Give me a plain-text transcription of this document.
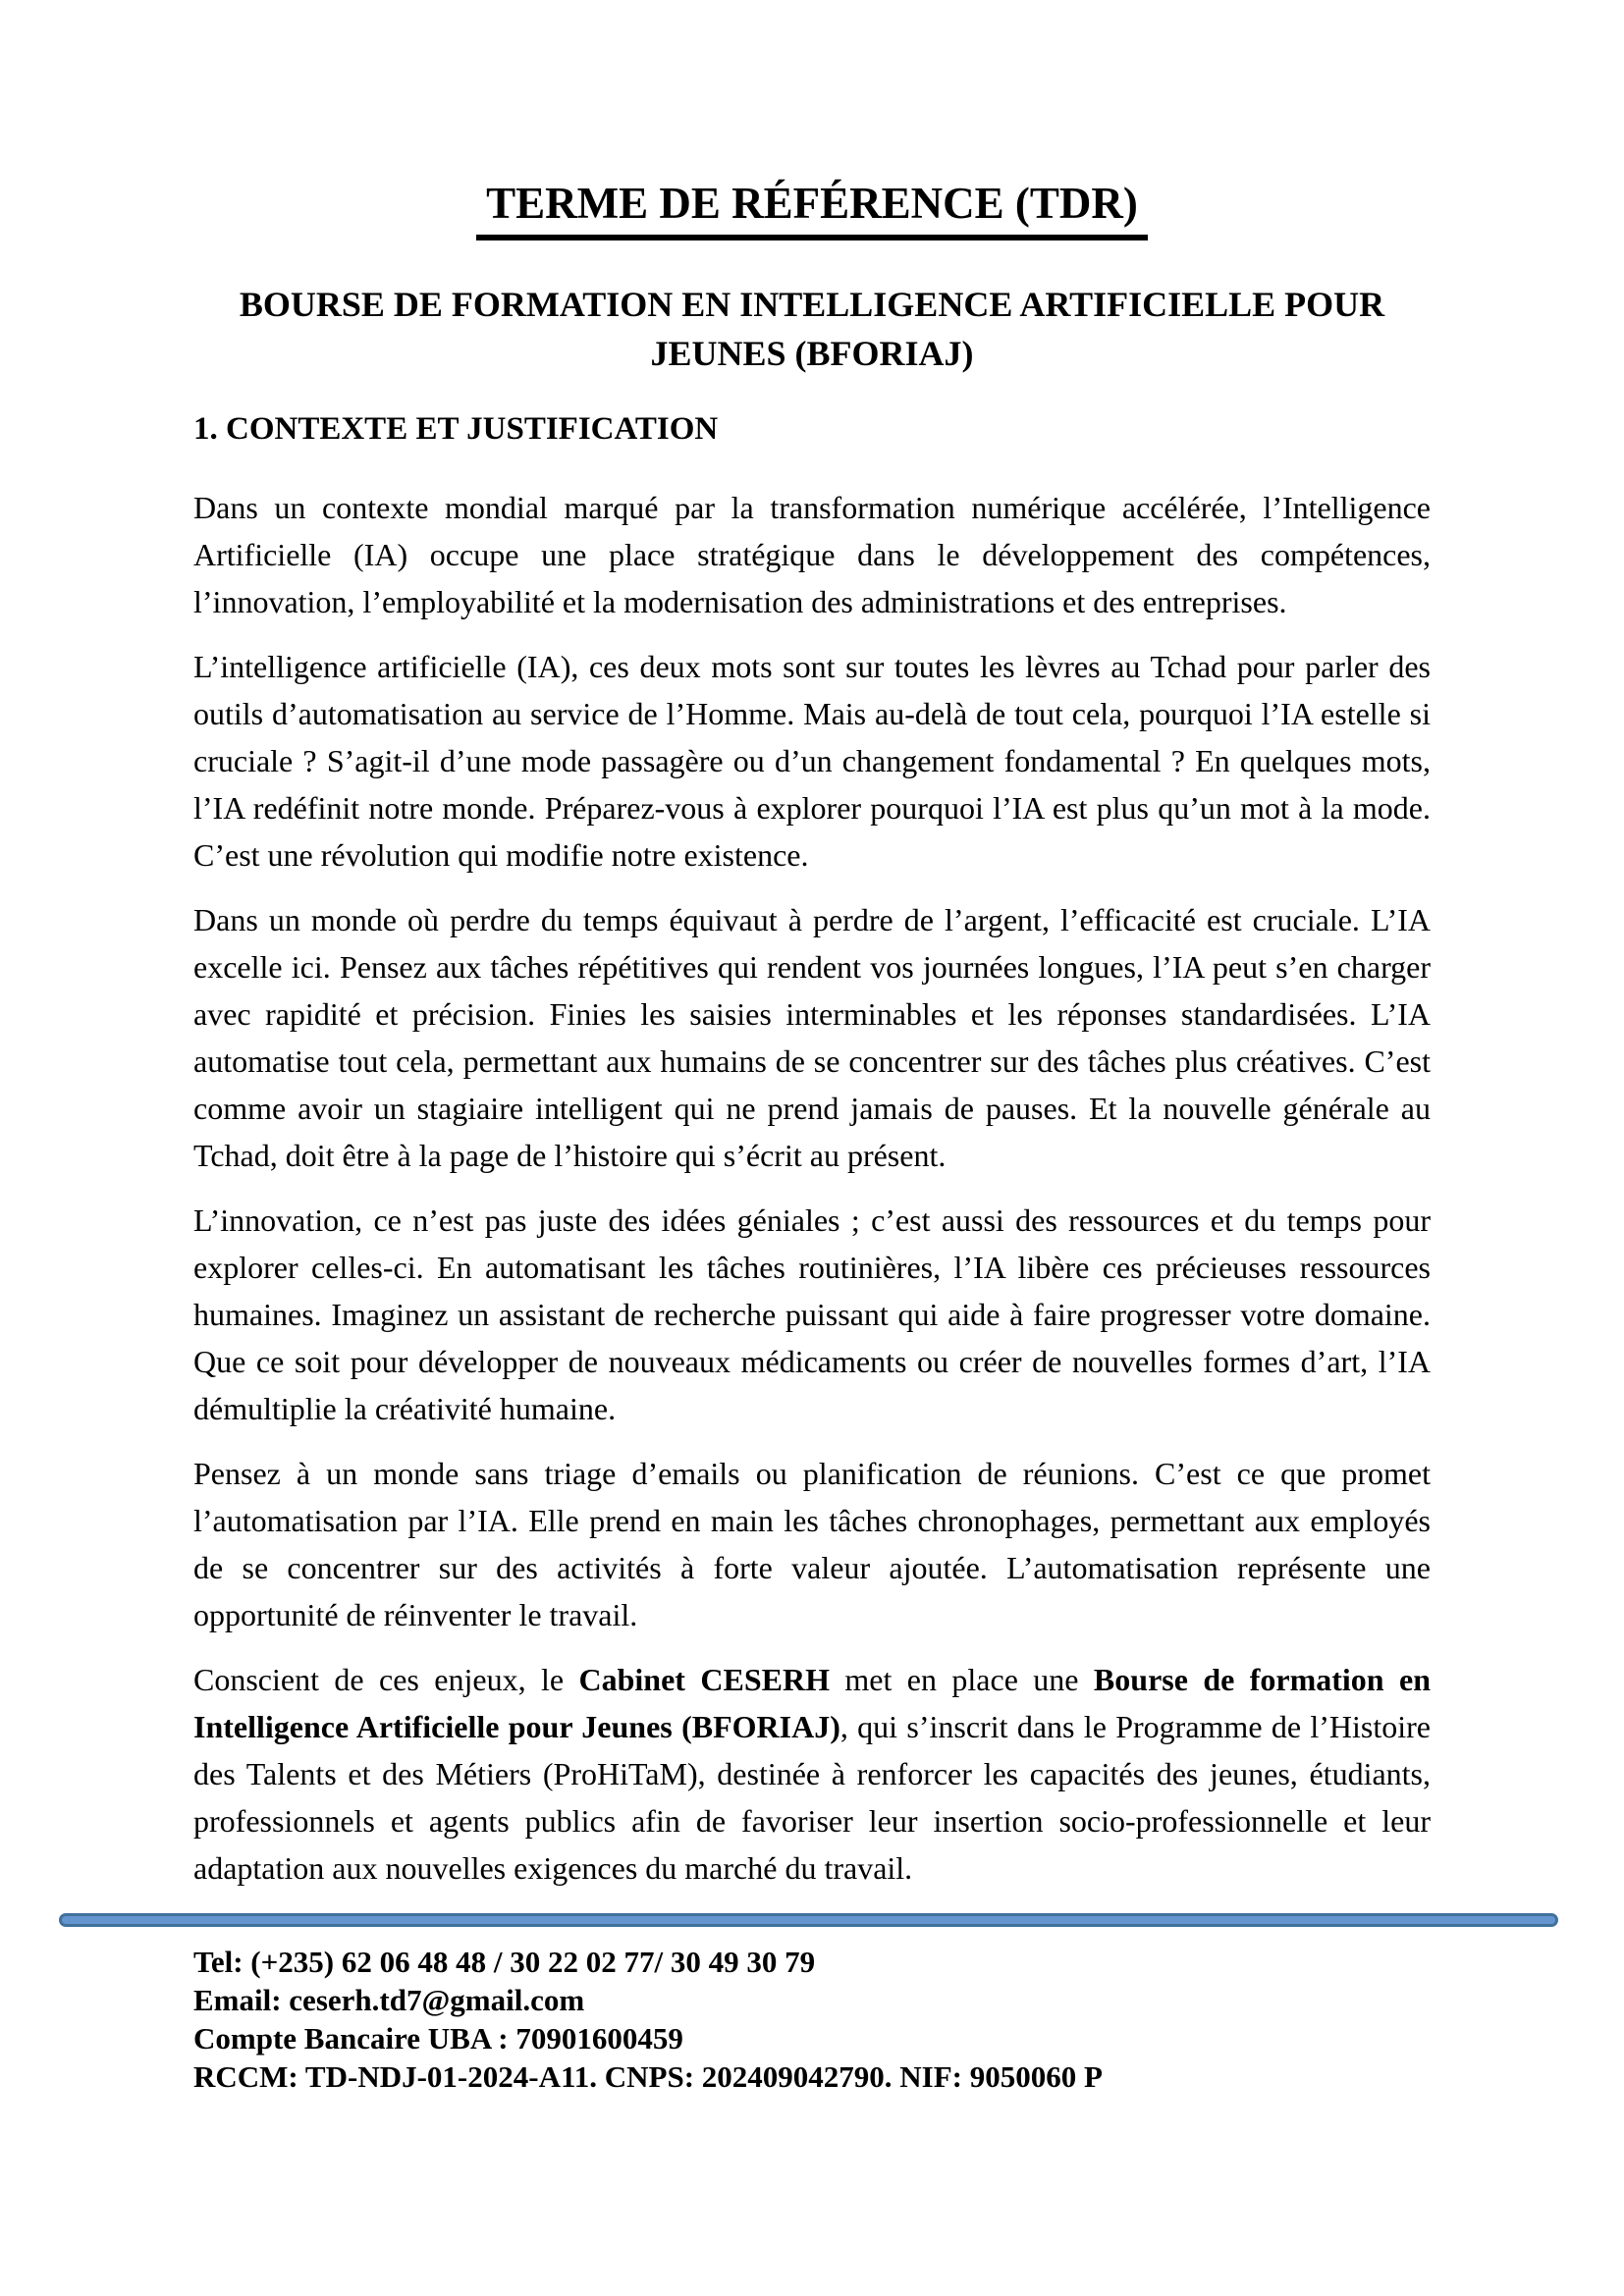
TERME DE RÉFÉRENCE (TDR)
BOURSE DE FORMATION EN INTELLIGENCE ARTIFICIELLE POUR JEUNES (BFORIAJ)
1. CONTEXTE ET JUSTIFICATION

Dans un contexte mondial marqué par la transformation numérique accélérée, l’Intelligence Artificielle (IA) occupe une place stratégique dans le développement des compétences, l’innovation, l’employabilité et la modernisation des administrations et des entreprises.

L’intelligence artificielle (IA), ces deux mots sont sur toutes les lèvres au Tchad pour parler des outils d’automatisation au service de l’Homme. Mais au-delà de tout cela, pourquoi l’IA estelle si cruciale ? S’agit-il d’une mode passagère ou d’un changement fondamental ? En quelques mots, l’IA redéfinit notre monde. Préparez-vous à explorer pourquoi l’IA est plus qu’un mot à la mode. C’est une révolution qui modifie notre existence.

Dans un monde où perdre du temps équivaut à perdre de l’argent, l’efficacité est cruciale. L’IA excelle ici. Pensez aux tâches répétitives qui rendent vos journées longues, l’IA peut s’en charger avec rapidité et précision. Finies les saisies interminables et les réponses standardisées. L’IA automatise tout cela, permettant aux humains de se concentrer sur des tâches plus créatives. C’est comme avoir un stagiaire intelligent qui ne prend jamais de pauses. Et la nouvelle générale au Tchad, doit être à la page de l’histoire qui s’écrit au présent.

L’innovation, ce n’est pas juste des idées géniales ; c’est aussi des ressources et du temps pour explorer celles-ci. En automatisant les tâches routinières, l’IA libère ces précieuses ressources humaines. Imaginez un assistant de recherche puissant qui aide à faire progresser votre domaine. Que ce soit pour développer de nouveaux médicaments ou créer de nouvelles formes d’art, l’IA démultiplie la créativité humaine.

Pensez à un monde sans triage d’emails ou planification de réunions. C’est ce que promet l’automatisation par l’IA. Elle prend en main les tâches chronophages, permettant aux employés de se concentrer sur des activités à forte valeur ajoutée. L’automatisation représente une opportunité de réinventer le travail.

Conscient de ces enjeux, le Cabinet CESERH met en place une Bourse de formation en Intelligence Artificielle pour Jeunes (BFORIAJ), qui s’inscrit dans le Programme de l’Histoire des Talents et des Métiers (ProHiTaM), destinée à renforcer les capacités des jeunes, étudiants, professionnels et agents publics afin de favoriser leur insertion socio-professionnelle et leur adaptation aux nouvelles exigences du marché du travail.

Tel: (+235) 62 06 48 48 / 30 22 02 77/ 30 49 30 79
Email: ceserh.td7@gmail.com
Compte Bancaire UBA : 70901600459
RCCM: TD-NDJ-01-2024-A11. CNPS: 202409042790. NIF: 9050060 P
